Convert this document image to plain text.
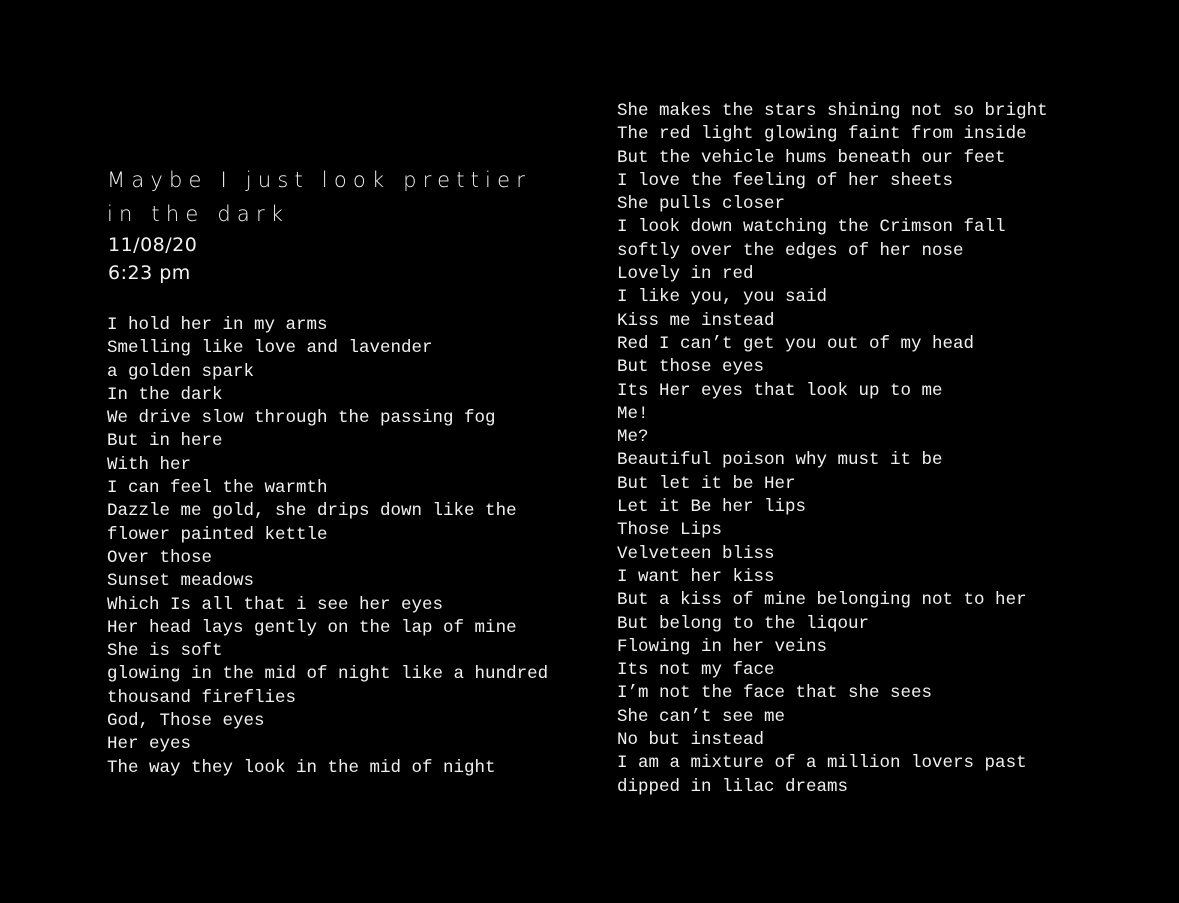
Maybe I just look prettier in the dark
11/08/20
6:23 pm
I hold her in my arms
Smelling like love and lavender
a golden spark
In the dark
We drive slow through the passing fog
But in here
With her
I can feel the warmth
Dazzle me gold, she drips down like the
flower painted kettle
Over those
Sunset meadows
Which Is all that i see her eyes
Her head lays gently on the lap of mine
She is soft
glowing in the mid of night like a hundred
thousand fireflies
God, Those eyes
Her eyes
The way they look in the mid of night
She makes the stars shining not so bright
The red light glowing faint from inside
But the vehicle hums beneath our feet
I love the feeling of her sheets
She pulls closer
I look down watching the Crimson fall
softly over the edges of her nose
Lovely in red
I like you, you said
Kiss me instead
Red I can’t get you out of my head
But those eyes
Its Her eyes that look up to me
Me!
Me?
Beautiful poison why must it be
But let it be Her
Let it Be her lips
Those Lips
Velveteen bliss
I want her kiss
But a kiss of mine belonging not to her
But belong to the liqour
Flowing in her veins
Its not my face
I’m not the face that she sees
She can’t see me
No but instead
I am a mixture of a million lovers past
dipped in lilac dreams
